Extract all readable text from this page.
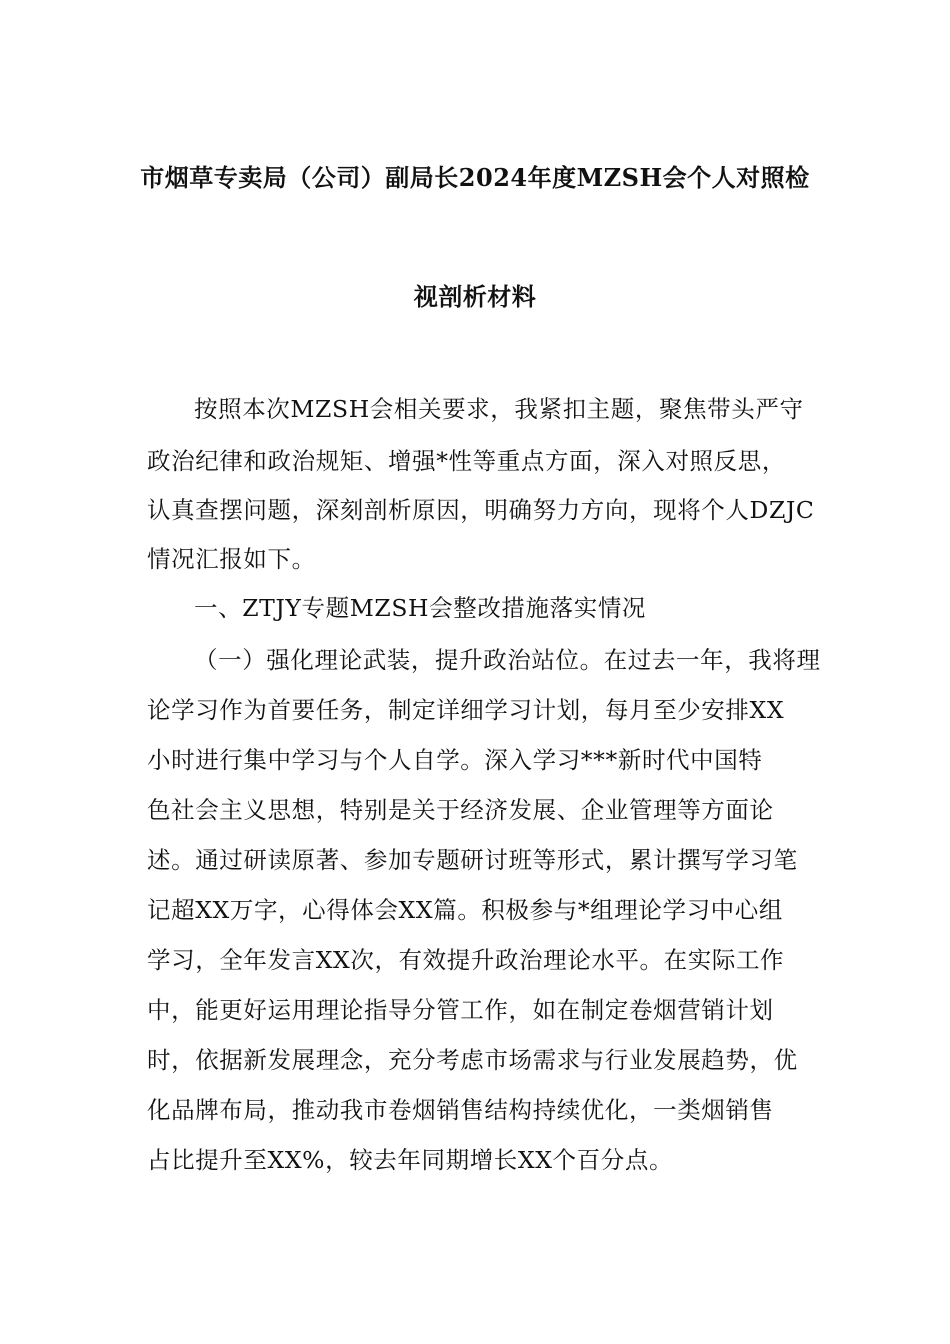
市烟草专卖局（公司）副局长2024年度MZSH会个人对照检
视剖析材料
按照本次MZSH会相关要求，我紧扣主题，聚焦带头严守
政治纪律和政治规矩、增强*性等重点方面，深入对照反思，
认真查摆问题，深刻剖析原因，明确努力方向，现将个人DZJC
情况汇报如下。
一、ZTJY专题MZSH会整改措施落实情况
（一）强化理论武装，提升政治站位。在过去一年，我将理
论学习作为首要任务，制定详细学习计划，每月至少安排XX
小时进行集中学习与个人自学。深入学习***新时代中国特
色社会主义思想，特别是关于经济发展、企业管理等方面论
述。通过研读原著、参加专题研讨班等形式，累计撰写学习笔
记超XX万字，心得体会XX篇。积极参与*组理论学习中心组
学习，全年发言XX次，有效提升政治理论水平。在实际工作
中，能更好运用理论指导分管工作，如在制定卷烟营销计划
时，依据新发展理念，充分考虑市场需求与行业发展趋势，优
化品牌布局，推动我市卷烟销售结构持续优化，一类烟销售
占比提升至XX%，较去年同期增长XX个百分点。
